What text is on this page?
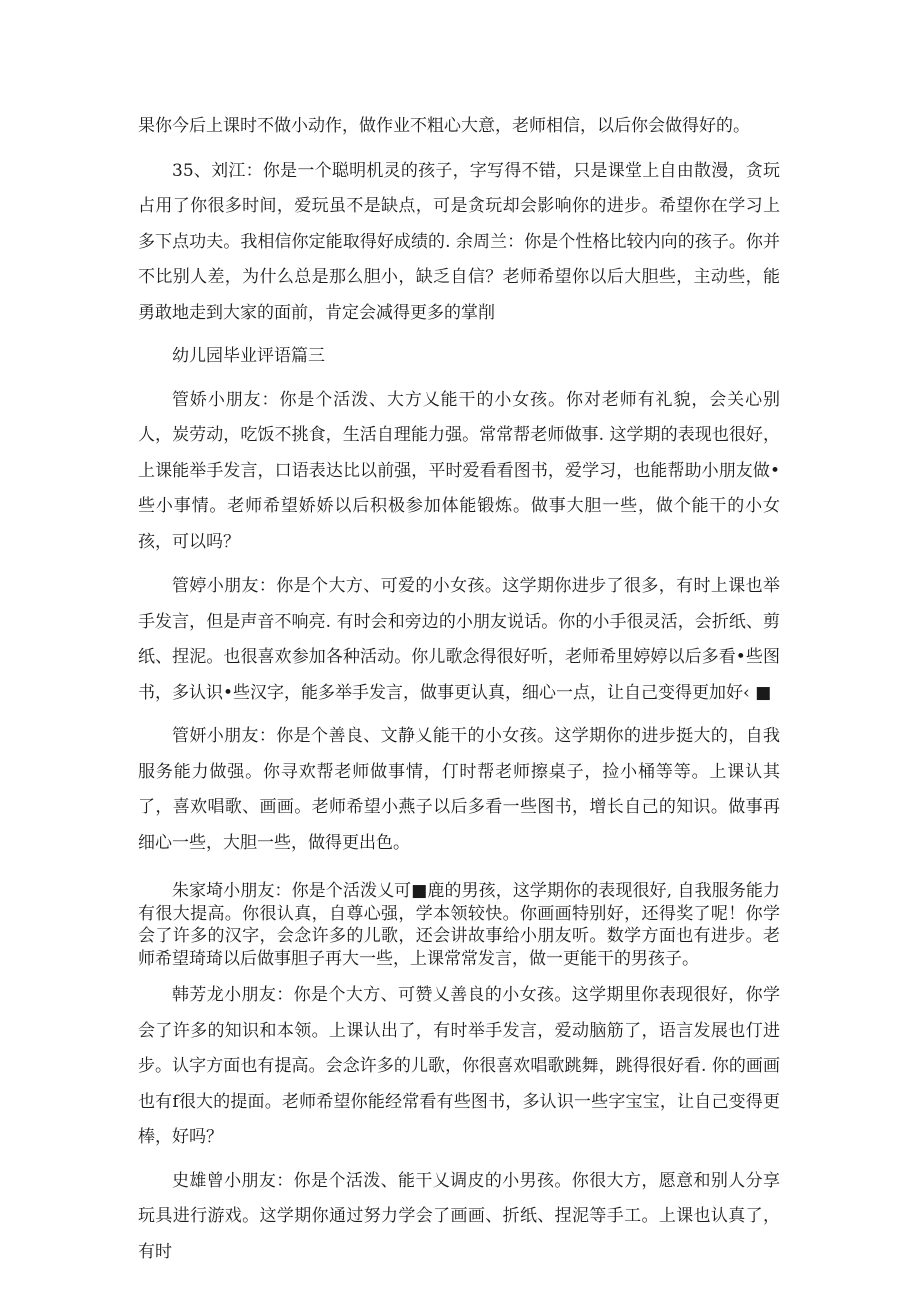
果你今后上课时不做小动作，做作业不粗心大意，老师相信，以后你会做得好的。

35、刘江：你是一个聪明机灵的孩子，字写得不错，只是课堂上自由散漫，贪玩占用了你很多时间，爱玩虽不是缺点，可是贪玩却会影响你的进步。希望你在学习上多下点功夫。我相信你定能取得好成绩的. 余周兰：你是个性格比较内向的孩子。你并不比别人差，为什么总是那么胆小，缺乏自信？老师希望你以后大胆些，主动些，能勇敢地走到大家的面前，肯定会减得更多的掌削

幼儿园毕业评语篇三

管娇小朋友：你是个活泼、大方乂能干的小女孩。你对老师有礼貌，会关心别人，炭劳动，吃饭不挑食，生活自理能力强。常常帮老师做事. 这学期的表现也很好，上课能举手发言，口语表达比以前强，平时爱看看图书，爱学习，也能帮助小朋友做•些小事情。老师希望娇娇以后积极参加体能锻炼。做事大胆一些，做个能干的小女孩，可以吗？

管婷小朋友：你是个大方、可爱的小女孩。这学期你进步了很多，有时上课也举手发言，但是声音不响亮. 有时会和旁边的小朋友说话。你的小手很灵活，会折纸、剪纸、捏泥。也很喜欢参加各种活动。你儿歌念得很好听，老师希里婷婷以后多看•些图书，多认识•些汉字，能多举手发言，做事更认真，细心一点，让自己变得更加好‹ ■

管妍小朋友：你是个善良、文静乂能干的小女孩。这学期你的进步挺大的，自我服务能力做强。你寻欢帮老师做事情，仃时帮老师擦桌子，捡小桶等等。上课认其了，喜欢唱歌、画画。老师希望小燕子以后多看一些图书，增长自己的知识。做事再细心一些，大胆一些，做得更出色。

朱家埼小朋友：你是个活泼乂可■鹿的男孩，这学期你的表现很好, 自我服务能力有很大提高。你很认真，自尊心强，学本领较快。你画画特别好，还得奖了呢！你学会了许多的汉字，会念许多的儿歌，还会讲故事给小朋友听。数学方面也有进步。老师希望琦琦以后做事胆子再大一些，上课常常发言，做一更能干的男孩子。

韩芳龙小朋友：你是个大方、可赞乂善良的小女孩。这学期里你表现很好，你学会了许多的知识和本领。上课认出了，有时举手发言，爱动脑筋了，语言发展也仃进步。认字方面也有提高。会念许多的儿歌，你很喜欢唱歌跳舞，跳得很好看. 你的画画也有f很大的提面。老师希望你能经常看有些图书，多认识一些字宝宝，让自己变得更棒，好吗？

史雄曾小朋友：你是个活泼、能干乂调皮的小男孩。你很大方，愿意和别人分享玩具进行游戏。这学期你通过努力学会了画画、折纸、捏泥等手工。上课也认真了，有时
